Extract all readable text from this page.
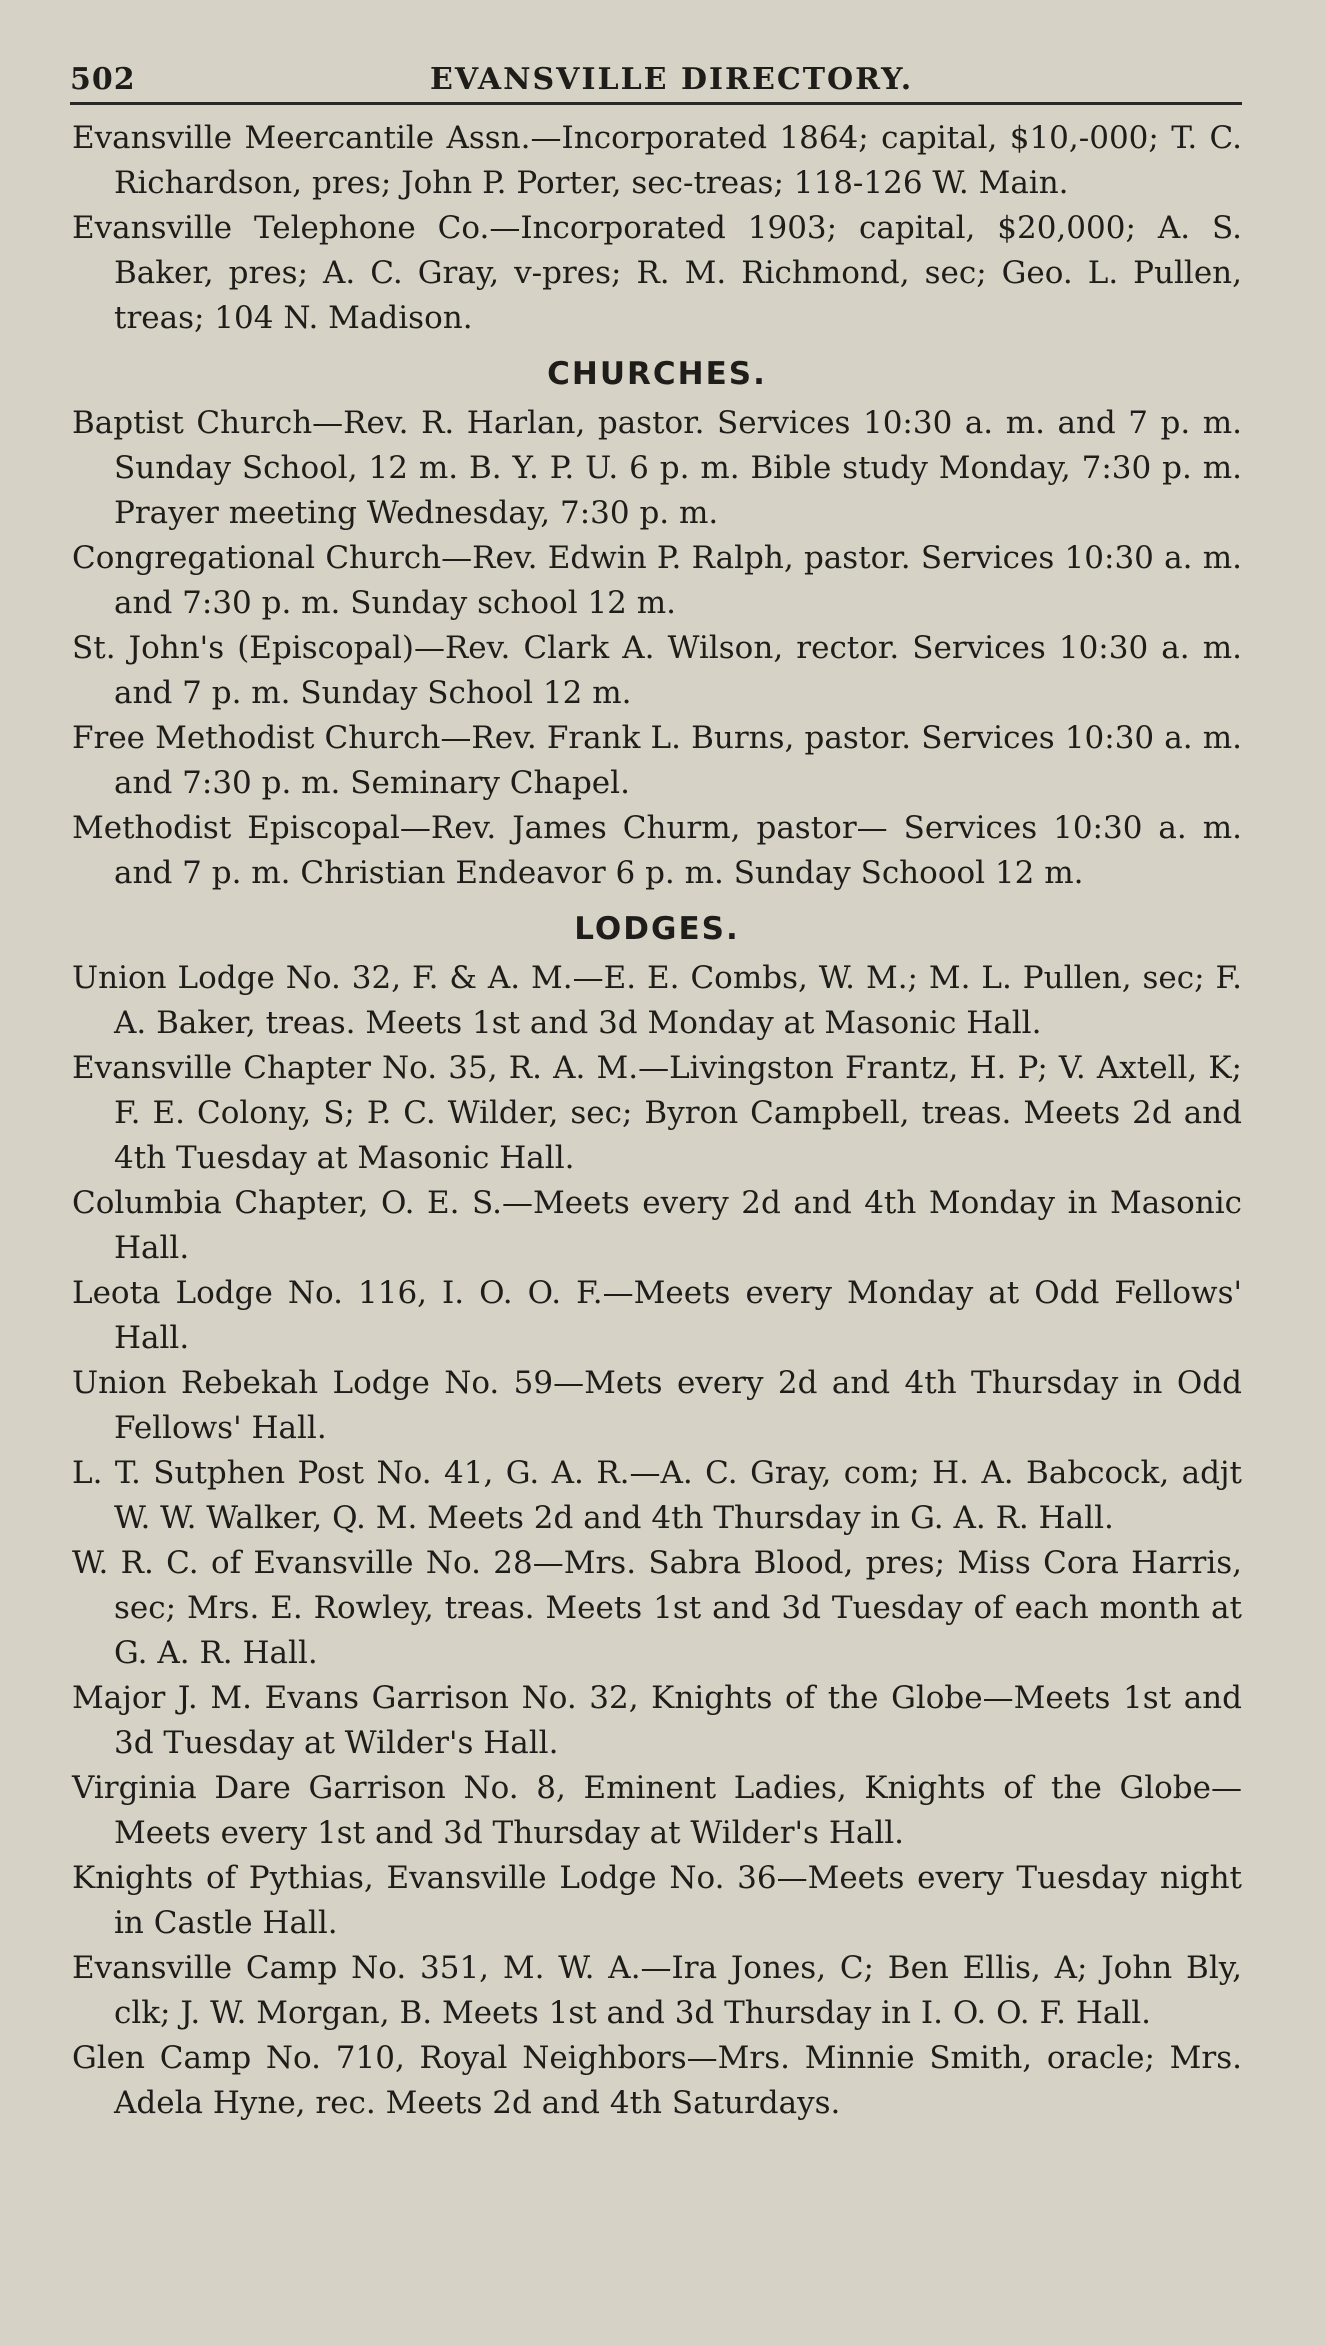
502	EVANSVILLE DIRECTORY.

Evansville Meercantile Assn.—Incorporated 1864; capital, $10,-000; T. C. Richardson, pres; John P. Porter, sec-treas; 118-126 W. Main.

Evansville Telephone Co.—Incorporated 1903; capital, $20,000; A. S. Baker, pres; A. C. Gray, v-pres; R. M. Richmond, sec; Geo. L. Pullen, treas; 104 N. Madison.

CHURCHES.

Baptist Church—Rev. R. Harlan, pastor. Services 10:30 a. m. and 7 p. m. Sunday School, 12 m. B. Y. P. U. 6 p. m. Bible study Monday, 7:30 p. m. Prayer meeting Wednesday, 7:30 p. m.

Congregational Church—Rev. Edwin P. Ralph, pastor. Services 10:30 a. m. and 7:30 p. m. Sunday school 12 m.

St. John's (Episcopal)—Rev. Clark A. Wilson, rector. Services 10:30 a. m. and 7 p. m. Sunday School 12 m.

Free Methodist Church—Rev. Frank L. Burns, pastor. Services 10:30 a. m. and 7:30 p. m. Seminary Chapel.

Methodist Episcopal—Rev. James Churm, pastor— Services 10:30 a. m. and 7 p. m. Christian Endeavor 6 p. m. Sunday Schoool 12 m.

LODGES.

Union Lodge No. 32, F. & A. M.—E. E. Combs, W. M.; M. L. Pullen, sec; F. A. Baker, treas. Meets 1st and 3d Monday at Masonic Hall.

Evansville Chapter No. 35, R. A. M.—Livingston Frantz, H. P; V. Axtell, K; F. E. Colony, S; P. C. Wilder, sec; Byron Campbell, treas. Meets 2d and 4th Tuesday at Masonic Hall.

Columbia Chapter, O. E. S.—Meets every 2d and 4th Monday in Masonic Hall.

Leota Lodge No. 116, I. O. O. F.—Meets every Monday at Odd Fellows' Hall.

Union Rebekah Lodge No. 59—Mets every 2d and 4th Thursday in Odd Fellows' Hall.

L. T. Sutphen Post No. 41, G. A. R.—A. C. Gray, com; H. A. Babcock, adjt W. W. Walker, Q. M. Meets 2d and 4th Thursday in G. A. R. Hall.

W. R. C. of Evansville No. 28—Mrs. Sabra Blood, pres; Miss Cora Harris, sec; Mrs. E. Rowley, treas. Meets 1st and 3d Tuesday of each month at G. A. R. Hall.

Major J. M. Evans Garrison No. 32, Knights of the Globe—Meets 1st and 3d Tuesday at Wilder's Hall.

Virginia Dare Garrison No. 8, Eminent Ladies, Knights of the Globe—Meets every 1st and 3d Thursday at Wilder's Hall.

Knights of Pythias, Evansville Lodge No. 36—Meets every Tuesday night in Castle Hall.

Evansville Camp No. 351, M. W. A.—Ira Jones, C; Ben Ellis, A; John Bly, clk; J. W. Morgan, B. Meets 1st and 3d Thursday in I. O. O. F. Hall.

Glen Camp No. 710, Royal Neighbors—Mrs. Minnie Smith, oracle; Mrs. Adela Hyne, rec. Meets 2d and 4th Saturdays.
